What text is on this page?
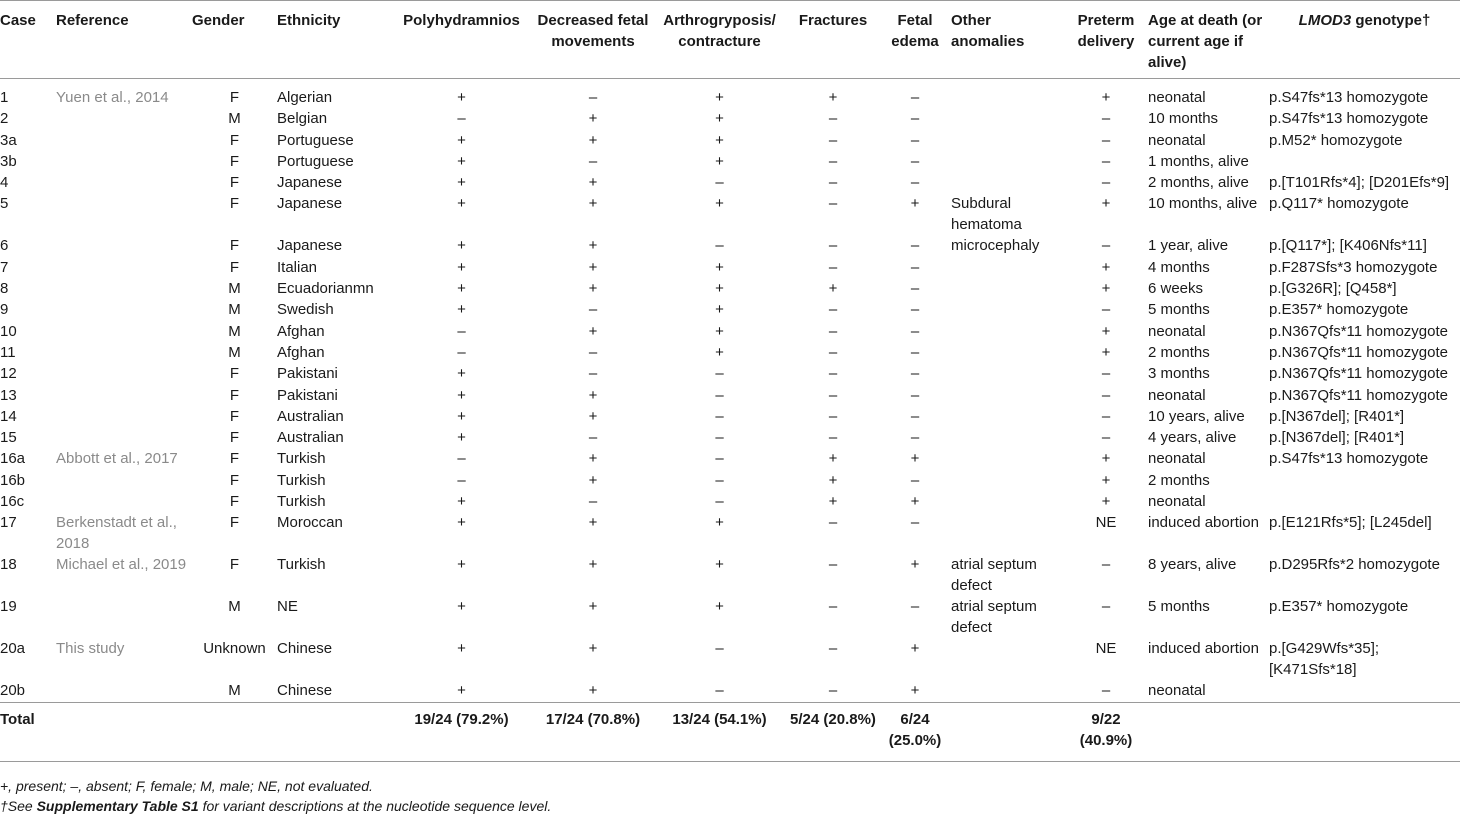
Case	Reference	Gender	Ethnicity	Polyhydramnios	Decreased fetal movements	Arthrogryposis/ contracture	Fractures	Fetal edema	Other anomalies	Preterm delivery	Age at death (or current age if alive)	LMOD3 genotype†
1	Yuen et al., 2014	F	Algerian	+	–	+	+	–		+	neonatal	p.S47fs*13 homozygote
2		M	Belgian	–	+	+	–	–		–	10 months	p.S47fs*13 homozygote
3a		F	Portuguese	+	+	+	–	–		–	neonatal	p.M52* homozygote
3b		F	Portuguese	+	–	+	–	–		–	1 months, alive	
4		F	Japanese	+	+	–	–	–		–	2 months, alive	p.[T101Rfs*4]; [D201Efs*9]
5		F	Japanese	+	+	+	–	+	Subdural hematoma	+	10 months, alive	p.Q117* homozygote
6		F	Japanese	+	+	–	–	–	microcephaly	–	1 year, alive	p.[Q117*]; [K406Nfs*11]
7		F	Italian	+	+	+	–	–		+	4 months	p.F287Sfs*3 homozygote
8		M	Ecuadorianmn	+	+	+	+	–		+	6 weeks	p.[G326R]; [Q458*]
9		M	Swedish	+	–	+	–	–		–	5 months	p.E357* homozygote
10		M	Afghan	–	+	+	–	–		+	neonatal	p.N367Qfs*11 homozygote
11		M	Afghan	–	–	+	–	–		+	2 months	p.N367Qfs*11 homozygote
12		F	Pakistani	+	–	–	–	–		–	3 months	p.N367Qfs*11 homozygote
13		F	Pakistani	+	+	–	–	–		–	neonatal	p.N367Qfs*11 homozygote
14		F	Australian	+	+	–	–	–		–	10 years, alive	p.[N367del]; [R401*]
15		F	Australian	+	–	–	–	–		–	4 years, alive	p.[N367del]; [R401*]
16a	Abbott et al., 2017	F	Turkish	–	+	–	+	+		+	neonatal	p.S47fs*13 homozygote
16b		F	Turkish	–	+	–	+	–		+	2 months	
16c		F	Turkish	+	–	–	+	+		+	neonatal	
17	Berkenstadt et al., 2018	F	Moroccan	+	+	+	–	–		NE	induced abortion	p.[E121Rfs*5]; [L245del]
18	Michael et al., 2019	F	Turkish	+	+	+	–	+	atrial septum defect	–	8 years, alive	p.D295Rfs*2 homozygote
19		M	NE	+	+	+	–	–	atrial septum defect	–	5 months	p.E357* homozygote
20a	This study	Unknown	Chinese	+	+	–	–	+		NE	induced abortion	p.[G429Wfs*35]; [K471Sfs*18]
20b		M	Chinese	+	+	–	–	+		–	neonatal	
Total				19/24 (79.2%)	17/24 (70.8%)	13/24 (54.1%)	5/24 (20.8%)	6/24 (25.0%)		9/22 (40.9%)		
+, present; –, absent; F, female; M, male; NE, not evaluated.
†See Supplementary Table S1 for variant descriptions at the nucleotide sequence level.
